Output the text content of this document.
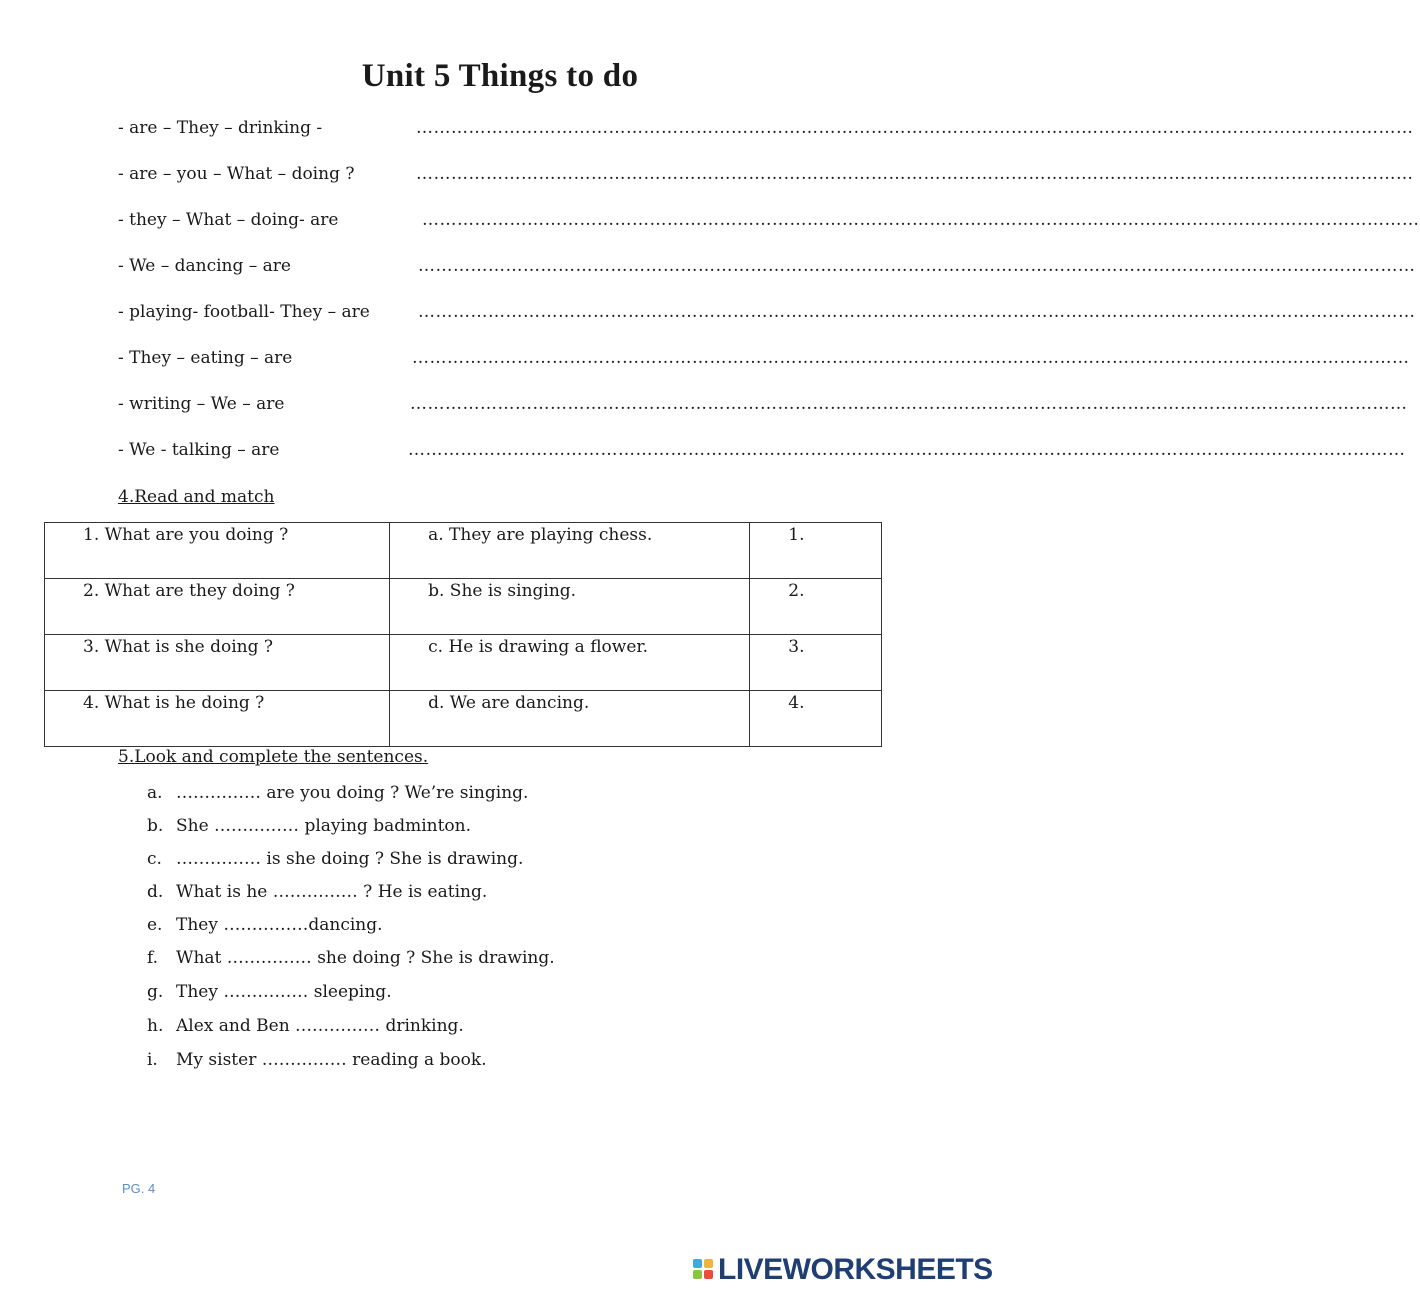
Unit 5 Things to do
- are – They – drinking -	………………………………………………………………………………………………………………………………………………………
- are – you – What – doing ?	………………………………………………………………………………………………………………………………………………………
- they – What – doing- are	………………………………………………………………………………………………………………………………………………………
- We – dancing – are	………………………………………………………………………………………………………………………………………………………
- playing- football- They – are	………………………………………………………………………………………………………………………………………………………
- They – eating – are	………………………………………………………………………………………………………………………………………………………
- writing – We – are	………………………………………………………………………………………………………………………………………………………
- We - talking – are	………………………………………………………………………………………………………………………………………………………
4.Read and match
1. What are you doing ?	a. They are playing chess.	1.
2. What are they doing ?	b. She is singing.	2.
3. What is she doing ?	c. He is drawing a flower.	3.
4. What is he doing ?	d. We are dancing.	4.
5.Look and complete the sentences.
a. …………… are you doing ? We’re singing.
b. She …………… playing badminton.
c. …………… is she doing ? She is drawing.
d. What is he …………… ? He is eating.
e. They ……………dancing.
f. What …………… she doing ? She is drawing.
g. They …………… sleeping.
h. Alex and Ben …………… drinking.
i. My sister …………… reading a book.
PG. 4
LIVEWORKSHEETS
